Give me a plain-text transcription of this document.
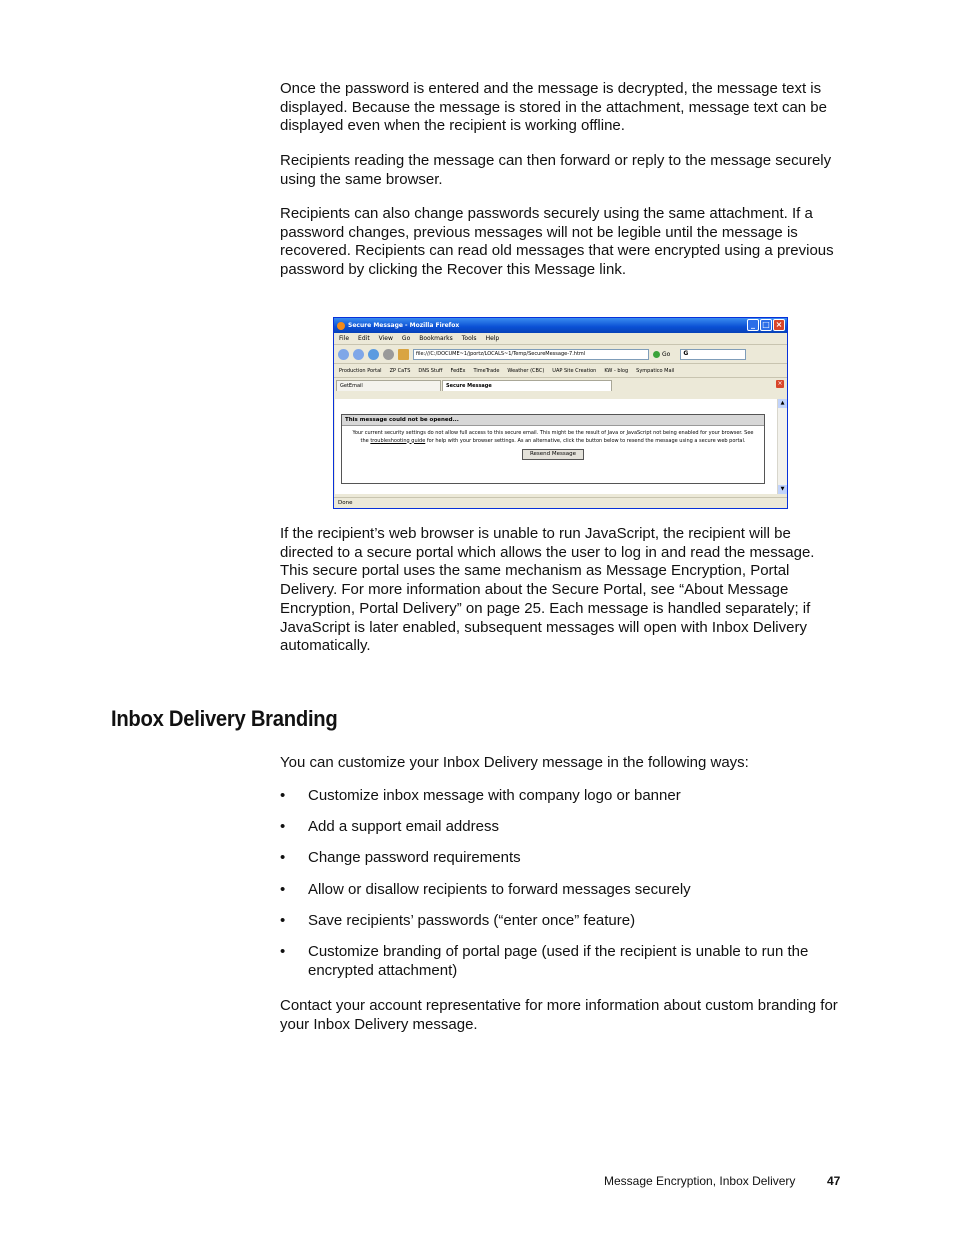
Once the password is entered and the message is decrypted, the message text is displayed. Because the message is stored in the attachment, message text can be displayed even when the recipient is working offline.

Recipients reading the message can then forward or reply to the message securely using the same browser.

Recipients can also change passwords securely using the same attachment. If a password changes, previous messages will not be legible until the message is recovered. Recipients can read old messages that were encrypted using a previous password by clicking the Recover this Message link.

Secure Message - Mozilla Firefox	_ □ ×
File Edit View Go Bookmarks Tools Help
file:///C:/DOCUME~1/jportz/LOCALS~1/Temp/SecureMessage-7.html	Go	G
Production Portal ZP CaTS DNS Stuff FedEx TimeTrade Weather (CBC) UAP Site Creation KW - blog Sympatico Mail
GetEmail	Secure Message	×
This message could not be opened...
Your current security settings do not allow full access to this secure email. This might be the result of Java or JavaScript not being enabled for your browser. See the troubleshooting guide for help with your browser settings. As an alternative, click the button below to resend the message using a secure web portal.
Resend Message
▲
▼
Done

If the recipient’s web browser is unable to run JavaScript, the recipient will be directed to a secure portal which allows the user to log in and read the message. This secure portal uses the same mechanism as Message Encryption, Portal Delivery. For more information about the Secure Portal, see “About Message Encryption, Portal Delivery” on page 25. Each message is handled separately; if JavaScript is later enabled, subsequent messages will open with Inbox Delivery automatically.

Inbox Delivery Branding

You can customize your Inbox Delivery message in the following ways:

• Customize inbox message with company logo or banner
• Add a support email address
• Change password requirements
• Allow or disallow recipients to forward messages securely
• Save recipients’ passwords (“enter once” feature)
• Customize branding of portal page (used if the recipient is unable to run the encrypted attachment)

Contact your account representative for more information about custom branding for your Inbox Delivery message.

Message Encryption, Inbox Delivery	47
